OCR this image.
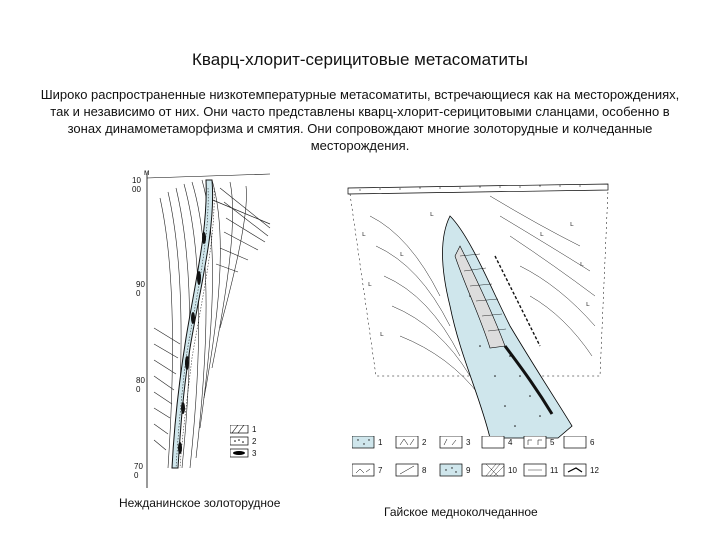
Кварц-хлорит-серицитовые метасоматиты
Широко распространенные низкотемпературные метасоматиты, встречающиеся как на месторождениях, так и независимо от них. Они часто представлены кварц-хлорит-серицитовыми сланцами, особенно в зонах динамометаморфизма и смятия. Они сопровождают многие золоторудные и колчеданные месторождения.
10
00
м
90
0
80
0
70
0
1
2
3
ʟ
ʟ
ʟ
ʟ
ʟ
ʟ
ʟ
ʟ
ʟ
1	2	3	4	5	6
7	8	9	10	11	12
Нежданинское золоторудное
Гайское медноколчеданное
